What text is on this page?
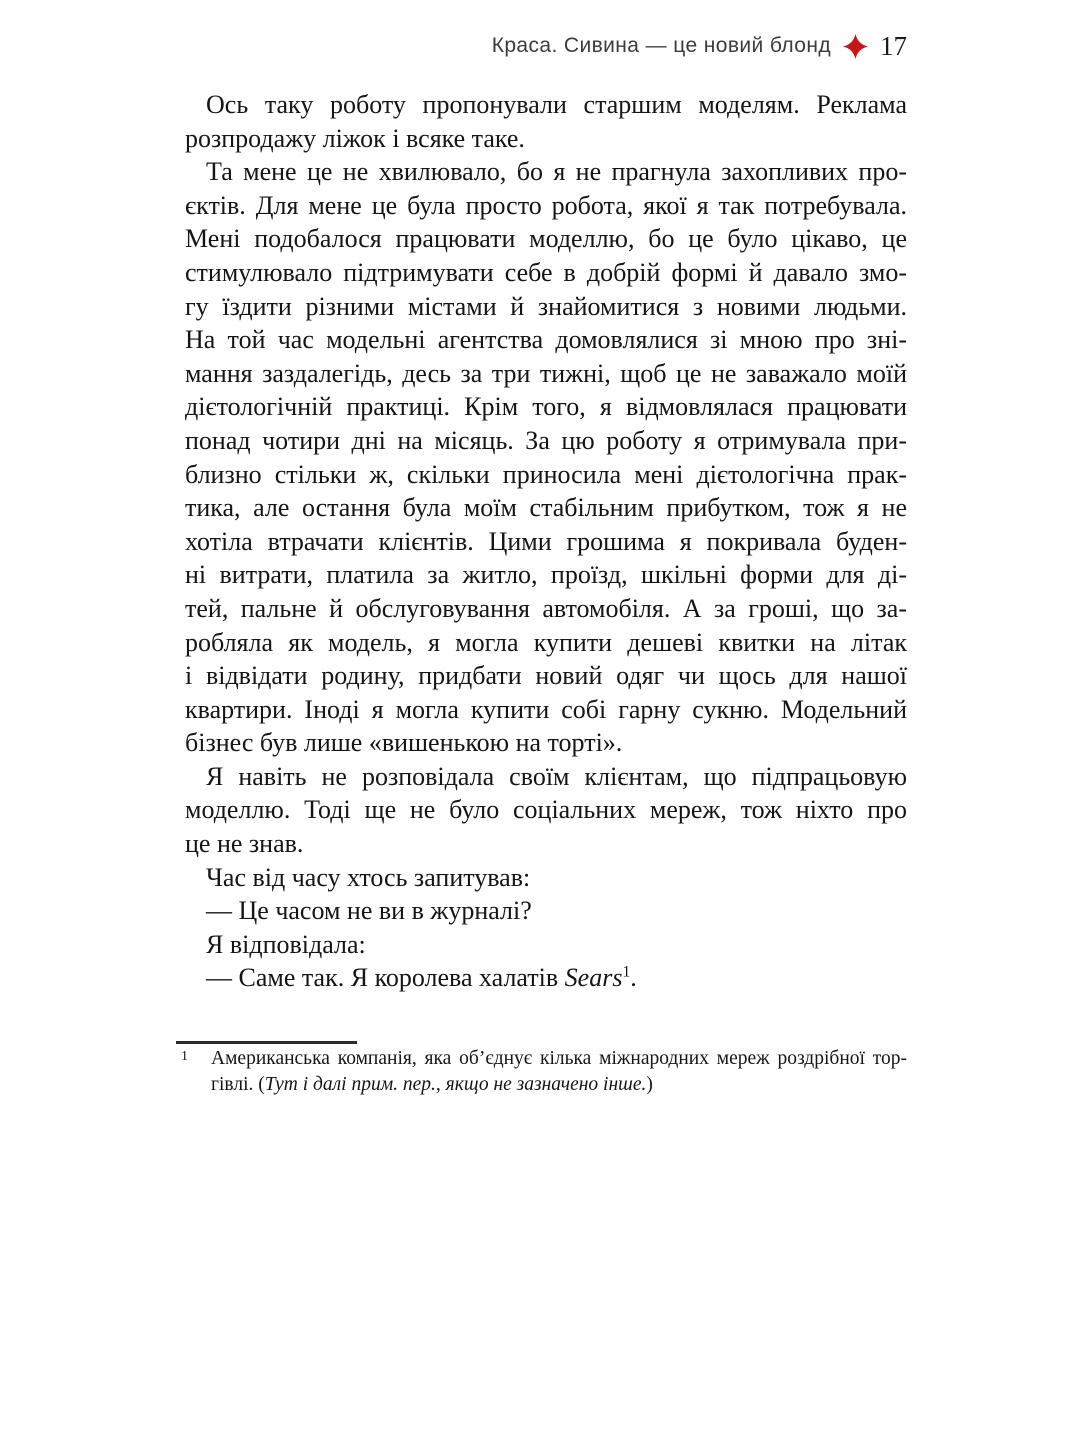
Краса. Сивина — це новий блонд 17
Ось таку роботу пропонували старшим моделям. Реклама
розпродажу ліжок і всяке таке.
Та мене це не хвилювало, бо я не прагнула захопливих про-
єктів. Для мене це була просто робота, якої я так потребувала.
Мені подобалося працювати моделлю, бо це було цікаво, це
стимулювало підтримувати себе в добрій формі й давало змо-
гу їздити різними містами й знайомитися з новими людьми.
На той час модельні агентства домовлялися зі мною про зні-
мання заздалегідь, десь за три тижні, щоб це не заважало моїй
дієтологічній практиці. Крім того, я відмовлялася працювати
понад чотири дні на місяць. За цю роботу я отримувала при-
близно стільки ж, скільки приносила мені дієтологічна прак-
тика, але остання була моїм стабільним прибутком, тож я не
хотіла втрачати клієнтів. Цими грошима я покривала буден-
ні витрати, платила за житло, проїзд, шкільні форми для ді-
тей, пальне й обслуговування автомобіля. А за гроші, що за-
робляла як модель, я могла купити дешеві квитки на літак
і відвідати родину, придбати новий одяг чи щось для нашої
квартири. Іноді я могла купити собі гарну сукню. Модельний
бізнес був лише «вишенькою на торті».
Я навіть не розповідала своїм клієнтам, що підпрацьовую
моделлю. Тоді ще не було соціальних мереж, тож ніхто про
це не знав.
Час від часу хтось запитував:
— Це часом не ви в журналі?
Я відповідала:
— Саме так. Я королева халатів Sears$^1$.
1 Американська компанія, яка об’єднує кілька міжнародних мереж роздрібної тор-
гівлі. (Тут і далі прим. пер., якщо не зазначено інше.)
